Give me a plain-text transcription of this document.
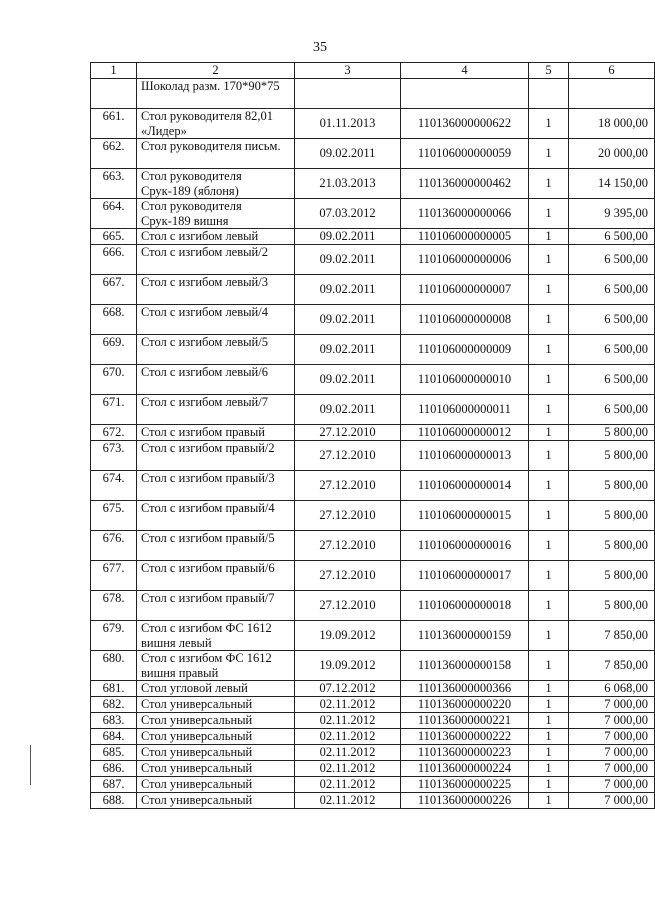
35
1	2	3	4	5	6
	Шоколад разм. 170*90*75				
661.	Стол руководителя 82,01 «Лидер»	01.11.2013	110136000000622	1	18 000,00
662.	Стол руководителя письм.	09.02.2011	110106000000059	1	20 000,00
663.	Стол руководителя Срук-189 (яблоня)	21.03.2013	110136000000462	1	14 150,00
664.	Стол руководителя Срук-189 вишня	07.03.2012	110136000000066	1	9 395,00
665.	Стол с изгибом левый	09.02.2011	110106000000005	1	6 500,00
666.	Стол с изгибом левый/2	09.02.2011	110106000000006	1	6 500,00
667.	Стол с изгибом левый/3	09.02.2011	110106000000007	1	6 500,00
668.	Стол с изгибом левый/4	09.02.2011	110106000000008	1	6 500,00
669.	Стол с изгибом левый/5	09.02.2011	110106000000009	1	6 500,00
670.	Стол с изгибом левый/6	09.02.2011	110106000000010	1	6 500,00
671.	Стол с изгибом левый/7	09.02.2011	110106000000011	1	6 500,00
672.	Стол с изгибом правый	27.12.2010	110106000000012	1	5 800,00
673.	Стол с изгибом правый/2	27.12.2010	110106000000013	1	5 800,00
674.	Стол с изгибом правый/3	27.12.2010	110106000000014	1	5 800,00
675.	Стол с изгибом правый/4	27.12.2010	110106000000015	1	5 800,00
676.	Стол с изгибом правый/5	27.12.2010	110106000000016	1	5 800,00
677.	Стол с изгибом правый/6	27.12.2010	110106000000017	1	5 800,00
678.	Стол с изгибом правый/7	27.12.2010	110106000000018	1	5 800,00
679.	Стол с изгибом ФС 1612 вишня левый	19.09.2012	110136000000159	1	7 850,00
680.	Стол с изгибом ФС 1612 вишня правый	19.09.2012	110136000000158	1	7 850,00
681.	Стол угловой левый	07.12.2012	110136000000366	1	6 068,00
682.	Стол универсальный	02.11.2012	110136000000220	1	7 000,00
683.	Стол универсальный	02.11.2012	110136000000221	1	7 000,00
684.	Стол универсальный	02.11.2012	110136000000222	1	7 000,00
685.	Стол универсальный	02.11.2012	110136000000223	1	7 000,00
686.	Стол универсальный	02.11.2012	110136000000224	1	7 000,00
687.	Стол универсальный	02.11.2012	110136000000225	1	7 000,00
688.	Стол универсальный	02.11.2012	110136000000226	1	7 000,00
